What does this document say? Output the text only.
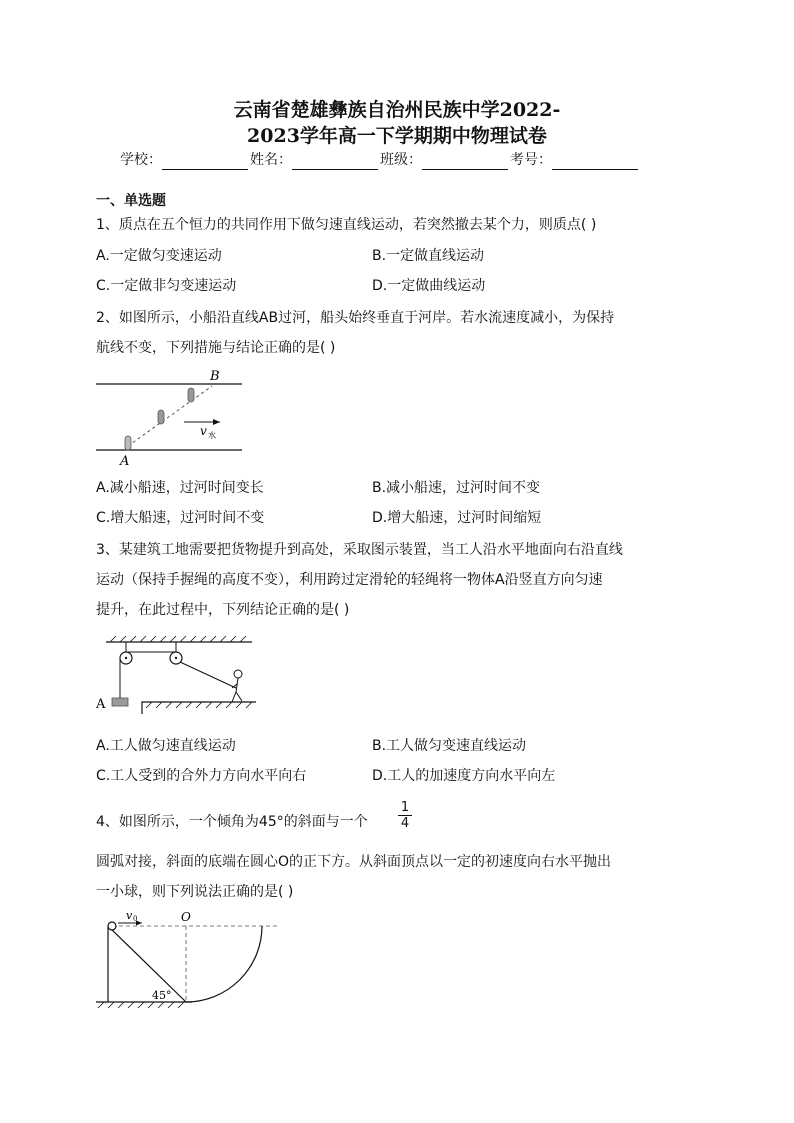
云南省楚雄彝族自治州民族中学2022-
2023学年高一下学期期中物理试卷
学校：	姓名：	班级：	考号：
一、单选题
1、质点在五个恒力的共同作用下做匀速直线运动，若突然撤去某个力，则质点( )
A.一定做匀变速运动	B.一定做直线运动
C.一定做非匀变速运动	D.一定做曲线运动
2、如图所示，小船沿直线AB过河，船头始终垂直于河岸。若水流速度减小，为保持
航线不变，下列措施与结论正确的是( )
B
A
v 水
A.减小船速，过河时间变长	B.减小船速，过河时间不变
C.增大船速，过河时间不变	D.增大船速，过河时间缩短
3、某建筑工地需要把货物提升到高处，采取图示装置，当工人沿水平地面向右沿直线
运动（保持手握绳的高度不变），利用跨过定滑轮的轻绳将一物体A沿竖直方向匀速
提升，在此过程中，下列结论正确的是( )
A
A.工人做匀速直线运动	B.工人做匀变速直线运动
C.工人受到的合外力方向水平向右	D.工人的加速度方向水平向左
4、如图所示，一个倾角为45°的斜面与一个 $\frac{1}{4}$
圆弧对接，斜面的底端在圆心O的正下方。从斜面顶点以一定的初速度向右水平抛出
一小球，则下列说法正确的是( )
v 0	O
45°
